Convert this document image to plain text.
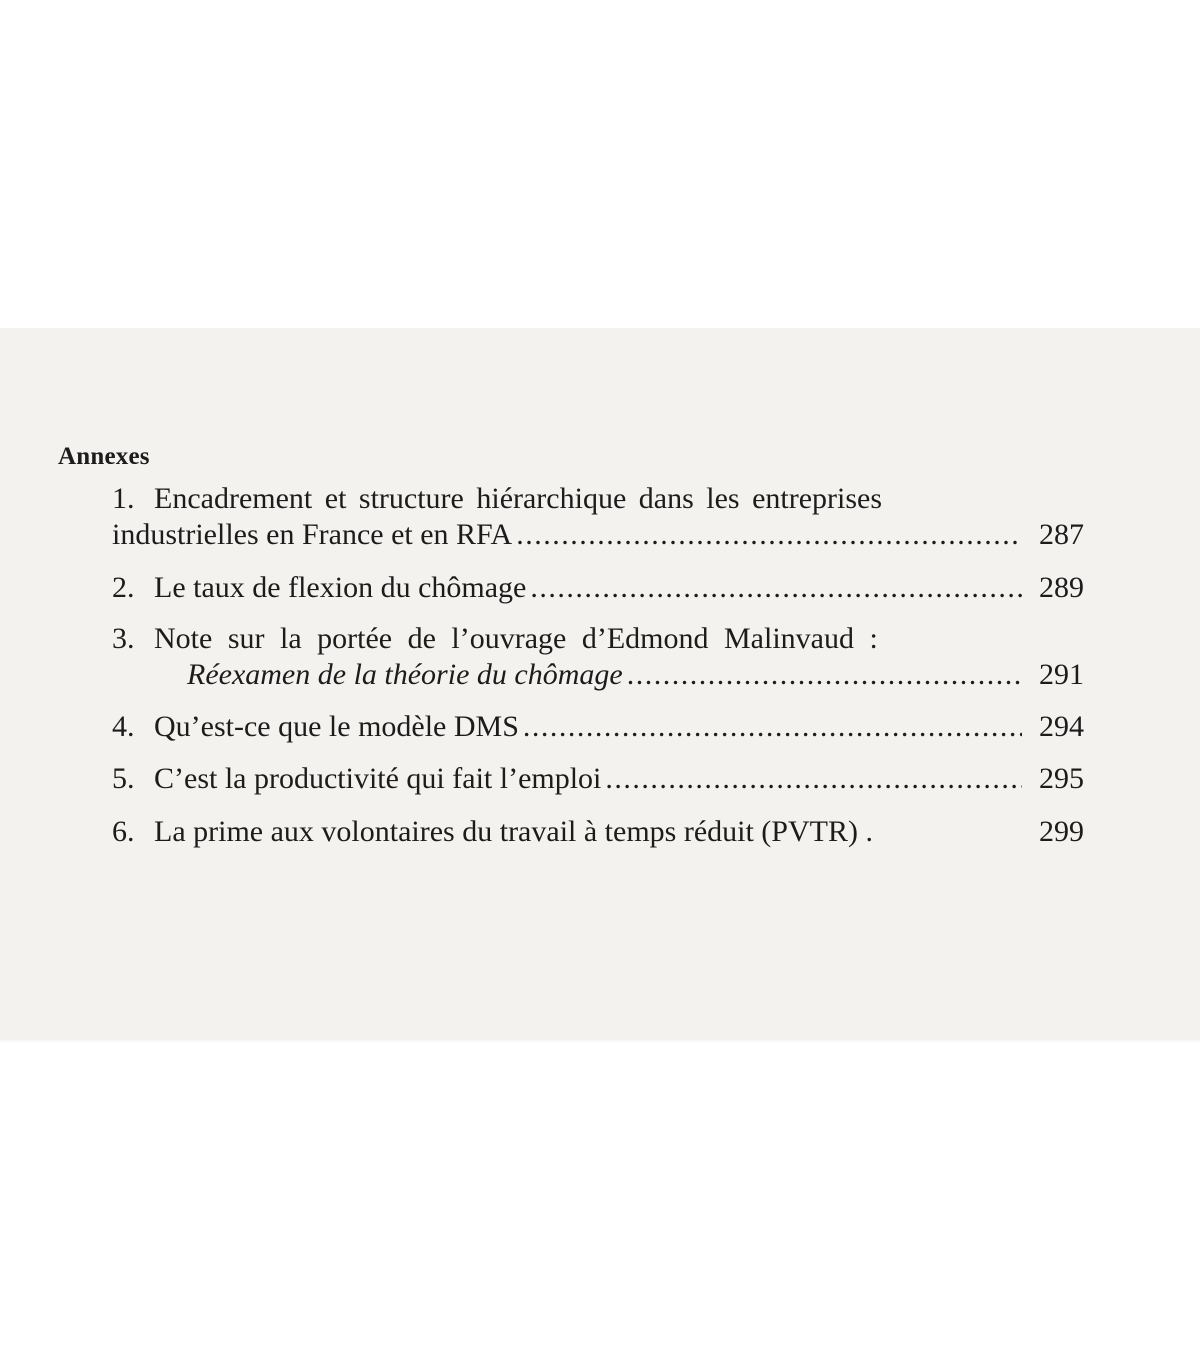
Annexes
1. Encadrement et structure hiérarchique dans les entreprises
industrielles en France et en RFA . . .	287
2. Le taux de flexion du chômage . . .	289
3. Note sur la portée de l’ouvrage d’Edmond Malinvaud :
Réexamen de la théorie du chômage . . .	291
4. Qu’est-ce que le modèle DMS . . .	294
5. C’est la productivité qui fait l’emploi . . .	295
6. La prime aux volontaires du travail à temps réduit (PVTR) .	299
